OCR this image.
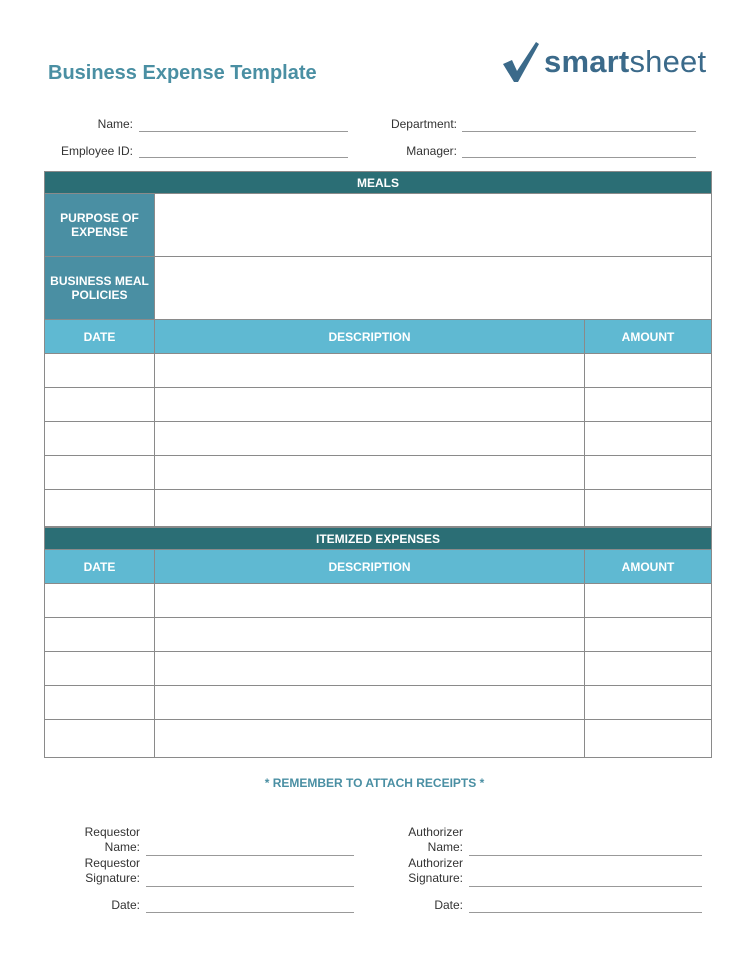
Business Expense Template	smartsheet
Name:	Department:
Employee ID:	Manager:
MEALS		
PURPOSE OF EXPENSE		
BUSINESS MEAL POLICIES		
DATE	DESCRIPTION	AMOUNT

ITEMIZED EXPENSES		
DATE	DESCRIPTION	AMOUNT

* REMEMBER TO ATTACH RECEIPTS *
Requestor
Name:
Requestor
Signature:
Date:
Authorizer
Name:
Authorizer
Signature:
Date:
